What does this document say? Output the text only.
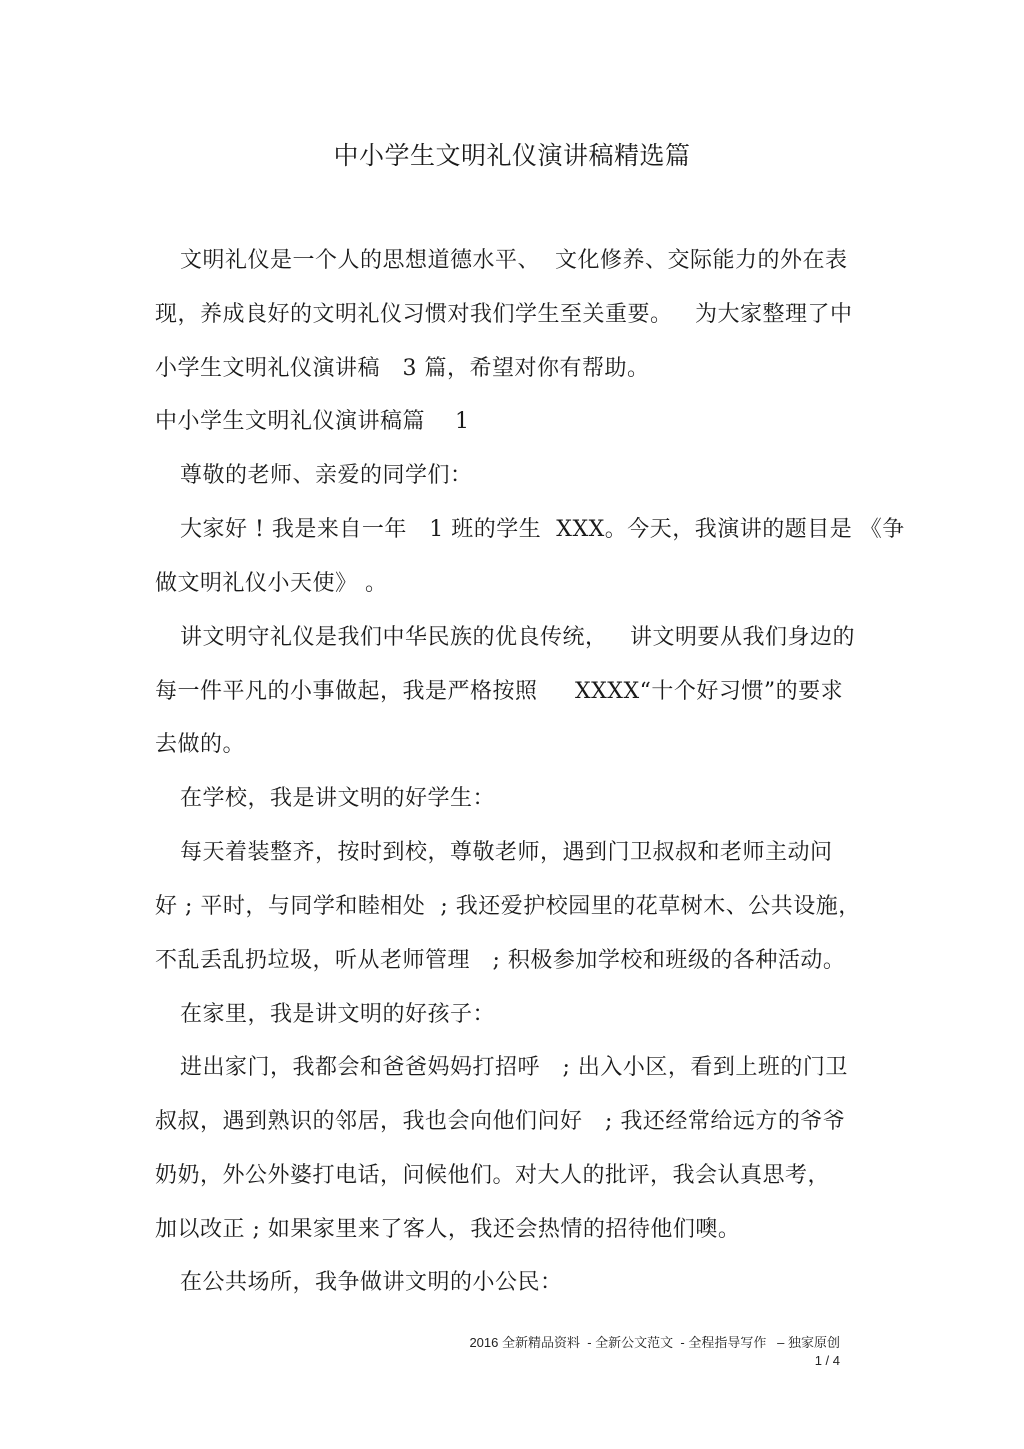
中小学生文明礼仪演讲稿精选篇
文明礼仪是一个人的思想道德水平、  文化修养、交际能力的外在表
现，养成良好的文明礼仪习惯对我们学生至关重要。   为大家整理了中
小学生文明礼仪演讲稿   3 篇，希望对你有帮助。
中小学生文明礼仪演讲稿篇    1
尊敬的老师、亲爱的同学们：
大家好 ! 我是来自一年   1 班的学生  XXX。今天，我演讲的题目是 《争
做文明礼仪小天使》 。
讲文明守礼仪是我们中华民族的优良传统，   讲文明要从我们身边的
每一件平凡的小事做起，我是严格按照     XXXX“十个好习惯”的要求
去做的。
在学校，我是讲文明的好学生：
每天着装整齐，按时到校，尊敬老师，遇到门卫叔叔和老师主动问
好 ; 平时，与同学和睦相处  ; 我还爱护校园里的花草树木、公共设施，
不乱丢乱扔垃圾，听从老师管理   ; 积极参加学校和班级的各种活动。
在家里，我是讲文明的好孩子：
进出家门，我都会和爸爸妈妈打招呼   ; 出入小区，看到上班的门卫
叔叔，遇到熟识的邻居，我也会向他们问好   ; 我还经常给远方的爷爷
奶奶，外公外婆打电话，问候他们。对大人的批评，我会认真思考，
加以改正 ; 如果家里来了客人，我还会热情的招待他们噢。
在公共场所，我争做讲文明的小公民：
2016 全新精品资料  - 全新公文范文  - 全程指导写作   – 独家原创
1 / 4
